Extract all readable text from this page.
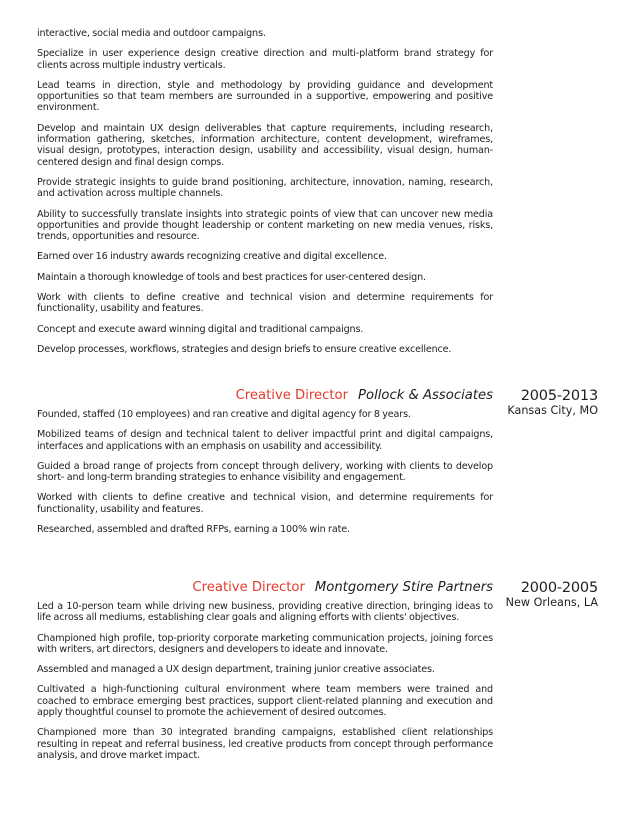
interactive, social media and outdoor campaigns.

Specialize in user experience design creative direction and multi-platform brand strategy for clients across multiple industry verticals.

Lead teams in direction, style and methodology by providing guidance and development opportunities so that team members are surrounded in a supportive, empowering and positive environment.

Develop and maintain UX design deliverables that capture requirements, including research, information gathering, sketches, information architecture, content development, wireframes, visual design, prototypes, interaction design, usability and accessibility, visual design, human-centered design and final design comps.

Provide strategic insights to guide brand positioning, architecture, innovation, naming, research, and activation across multiple channels.

Ability to successfully translate insights into strategic points of view that can uncover new media opportunities and provide thought leadership or content marketing on new media venues, risks, trends, opportunities and resource.

Earned over 16 industry awards recognizing creative and digital excellence.

Maintain a thorough knowledge of tools and best practices for user-centered design.

Work with clients to define creative and technical vision and determine requirements for functionality, usability and features.

Concept and execute award winning digital and traditional campaigns.

Develop processes, workflows, strategies and design briefs to ensure creative excellence.

Creative Director Pollock & Associates	2005-2013
Kansas City, MO

Founded, staffed (10 employees) and ran creative and digital agency for 8 years.

Mobilized teams of design and technical talent to deliver impactful print and digital campaigns, interfaces and applications with an emphasis on usability and accessibility.

Guided a broad range of projects from concept through delivery, working with clients to develop short- and long-term branding strategies to enhance visibility and engagement.

Worked with clients to define creative and technical vision, and determine requirements for functionality, usability and features.

Researched, assembled and drafted RFPs, earning a 100% win rate.

Creative Director Montgomery Stire Partners	2000-2005
New Orleans, LA

Led a 10-person team while driving new business, providing creative direction, bringing ideas to life across all mediums, establishing clear goals and aligning efforts with clients' objectives.

Championed high profile, top-priority corporate marketing communication projects, joining forces with writers, art directors, designers and developers to ideate and innovate.

Assembled and managed a UX design department, training junior creative associates.

Cultivated a high-functioning cultural environment where team members were trained and coached to embrace emerging best practices, support client-related planning and execution and apply thoughtful counsel to promote the achievement of desired outcomes.

Championed more than 30 integrated branding campaigns, established client relationships resulting in repeat and referral business, led creative products from concept through performance analysis, and drove market impact.
